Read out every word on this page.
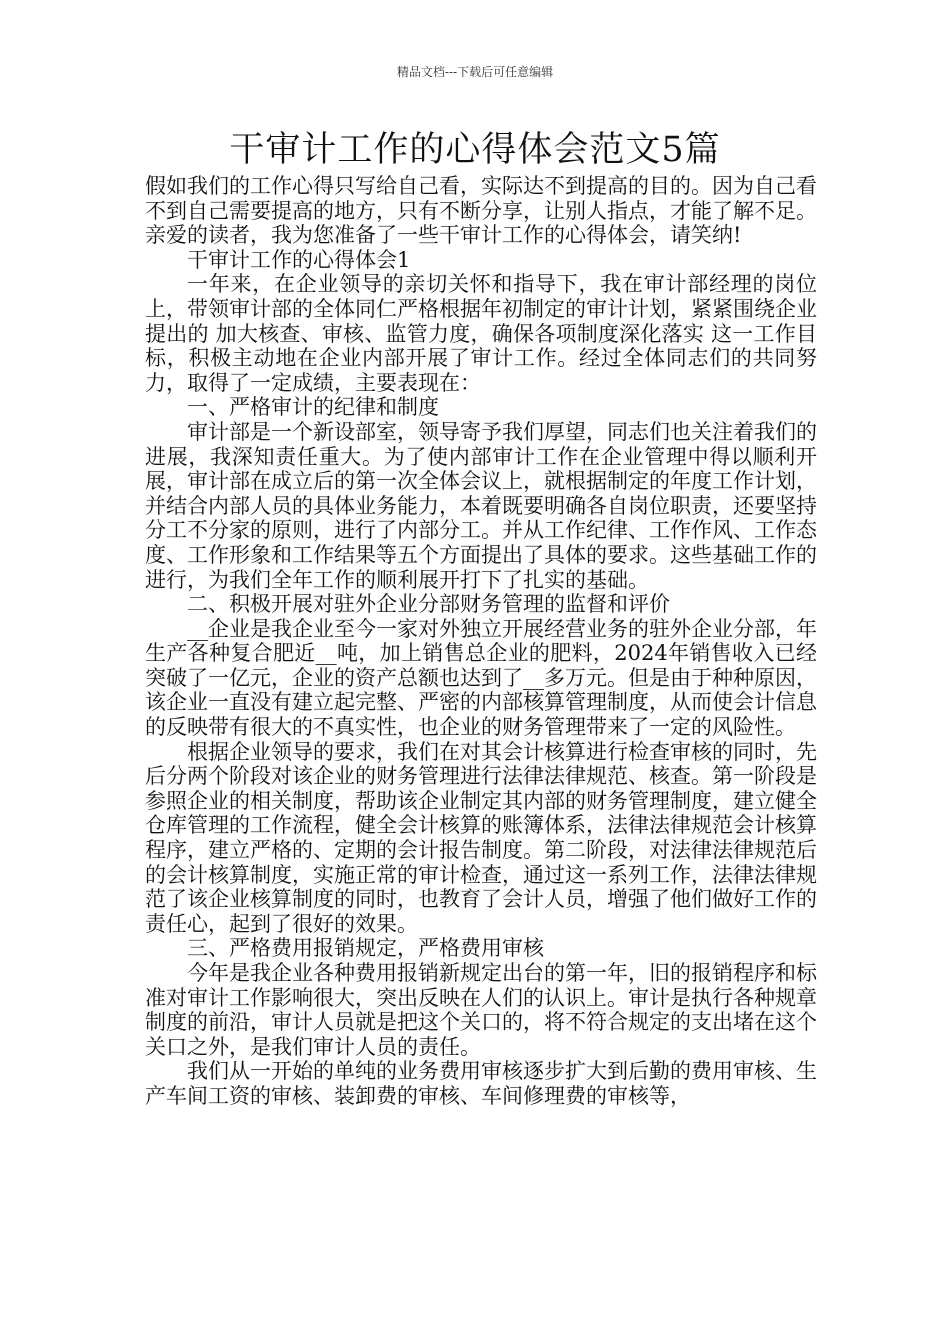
精品文档---下载后可任意编辑
干审计工作的心得体会范文5篇

假如我们的工作心得只写给自己看，实际达不到提高的目的。因为自己看不到自己需要提高的地方，只有不断分享，让别人指点，才能了解不足。亲爱的读者，我为您准备了一些干审计工作的心得体会，请笑纳!

干审计工作的心得体会1

一年来，在企业领导的亲切关怀和指导下，我在审计部经理的岗位上，带领审计部的全体同仁严格根据年初制定的审计计划，紧紧围绕企业提出的 加大核查、审核、监管力度，确保各项制度深化落实 这一工作目标，积极主动地在企业内部开展了审计工作。经过全体同志们的共同努力，取得了一定成绩，主要表现在：

一、严格审计的纪律和制度

审计部是一个新设部室，领导寄予我们厚望，同志们也关注着我们的进展，我深知责任重大。为了使内部审计工作在企业管理中得以顺利开展，审计部在成立后的第一次全体会议上，就根据制定的年度工作计划，并结合内部人员的具体业务能力，本着既要明确各自岗位职责，还要坚持分工不分家的原则，进行了内部分工。并从工作纪律、工作作风、工作态度、工作形象和工作结果等五个方面提出了具体的要求。这些基础工作的进行，为我们全年工作的顺利展开打下了扎实的基础。

二、积极开展对驻外企业分部财务管理的监督和评价

__企业是我企业至今一家对外独立开展经营业务的驻外企业分部，年生产各种复合肥近__吨，加上销售总企业的肥料，2024年销售收入已经突破了一亿元，企业的资产总额也达到了__多万元。但是由于种种原因，该企业一直没有建立起完整、严密的内部核算管理制度，从而使会计信息的反映带有很大的不真实性，也企业的财务管理带来了一定的风险性。

根据企业领导的要求，我们在对其会计核算进行检查审核的同时，先后分两个阶段对该企业的财务管理进行法律法律规范、核查。第一阶段是参照企业的相关制度，帮助该企业制定其内部的财务管理制度，建立健全仓库管理的工作流程，健全会计核算的账簿体系，法律法律规范会计核算程序，建立严格的、定期的会计报告制度。第二阶段，对法律法律规范后的会计核算制度，实施正常的审计检查，通过这一系列工作，法律法律规范了该企业核算制度的同时，也教育了会计人员，增强了他们做好工作的责任心，起到了很好的效果。

三、严格费用报销规定，严格费用审核

今年是我企业各种费用报销新规定出台的第一年，旧的报销程序和标准对审计工作影响很大，突出反映在人们的认识上。审计是执行各种规章制度的前沿，审计人员就是把这个关口的，将不符合规定的支出堵在这个关口之外，是我们审计人员的责任。

我们从一开始的单纯的业务费用审核逐步扩大到后勤的费用审核、生产车间工资的审核、装卸费的审核、车间修理费的审核等，
